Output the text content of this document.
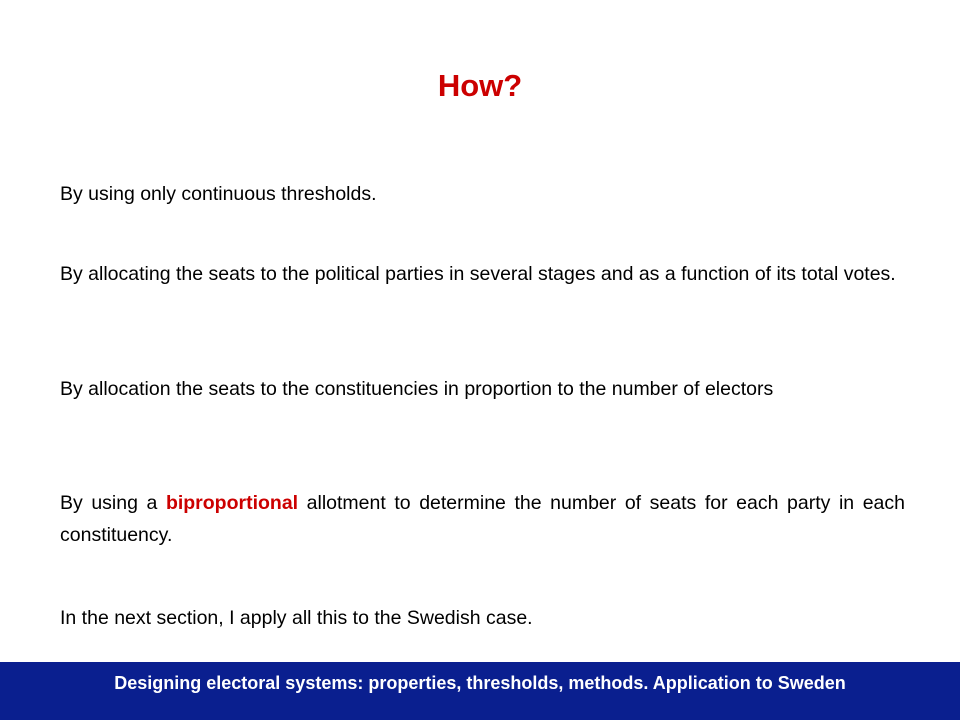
How?

By using only continuous thresholds.

By allocating the seats to the political parties in several stages and as a function of its total votes.

By allocation the seats to the constituencies in proportion to the number of electors

By using a biproportional allotment to determine the number of seats for each party in each constituency.

In the next section, I apply all this to the Swedish case.

Designing electoral systems: properties, thresholds, methods. Application to Sweden
